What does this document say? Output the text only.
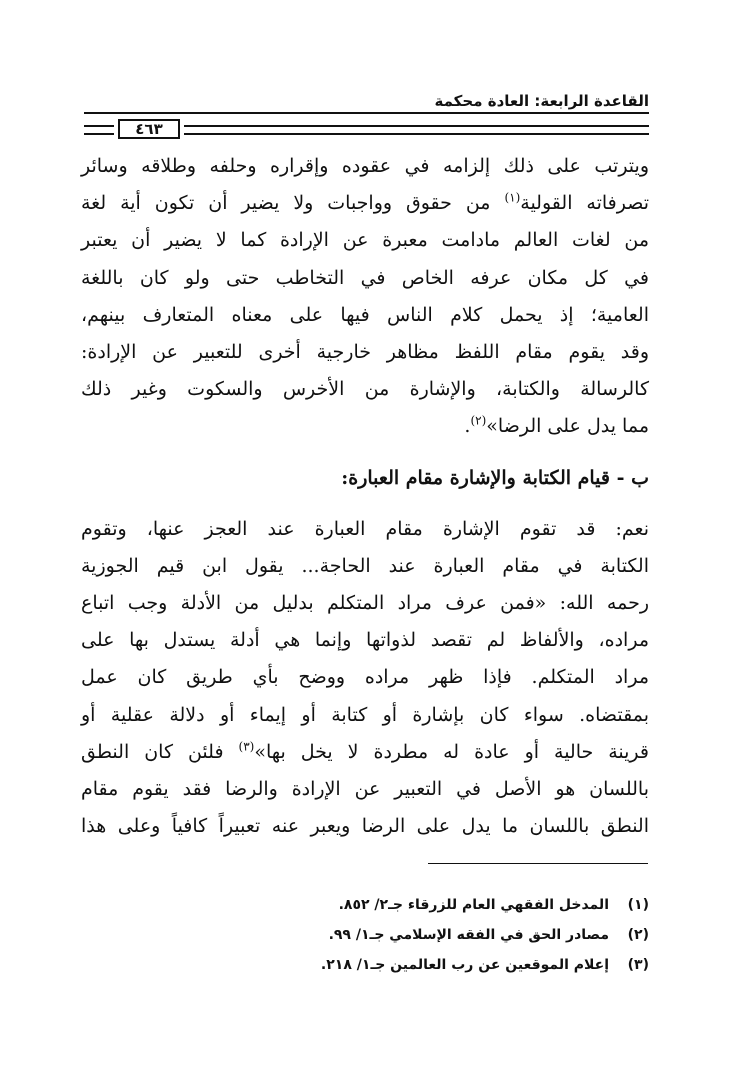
القاعدة الرابعة: العادة محكمة
٤٦٣
ويترتب على ذلك إلزامه في عقوده وإقراره وحلفه وطلاقه وسائر
تصرفاته القولية$^{(١)}$ من حقوق وواجبات ولا يضير أن تكون أية لغة
من لغات العالم مادامت معبرة عن الإرادة كما لا يضير أن يعتبر
في كل مكان عرفه الخاص في التخاطب حتى ولو كان باللغة
العامية؛ إذ يحمل كلام الناس فيها على معناه المتعارف بينهم،
وقد يقوم مقام اللفظ مظاهر خارجية أخرى للتعبير عن الإرادة:
كالرسالة والكتابة، والإشارة من الأخرس والسكوت وغير ذلك
مما يدل على الرضا»$^{(٢)}$.
ب - قيام الكتابة والإشارة مقام العبارة:
نعم: قد تقوم الإشارة مقام العبارة عند العجز عنها، وتقوم
الكتابة في مقام العبارة عند الحاجة... يقول ابن قيم الجوزية
رحمه الله: «فمن عرف مراد المتكلم بدليل من الأدلة وجب اتباع
مراده، والألفاظ لم تقصد لذواتها وإنما هي أدلة يستدل بها على
مراد المتكلم. فإذا ظهر مراده ووضح بأي طريق كان عمل
بمقتضاه. سواء كان بإشارة أو كتابة أو إيماء أو دلالة عقلية أو
قرينة حالية أو عادة له مطردة لا يخل بها»$^{(٣)}$ فلئن كان النطق
باللسان هو الأصل في التعبير عن الإرادة والرضا فقد يقوم مقام
النطق باللسان ما يدل على الرضا ويعبر عنه تعبيراً كافياً وعلى هذا
(١)المدخل الفقهي العام للزرقاء جـ٢/ ٨٥٢.
(٢)مصادر الحق في الفقه الإسلامي جـ١/ ٩٩.
(٣)إعلام الموقعين عن رب العالمين جـ١/ ٢١٨.
